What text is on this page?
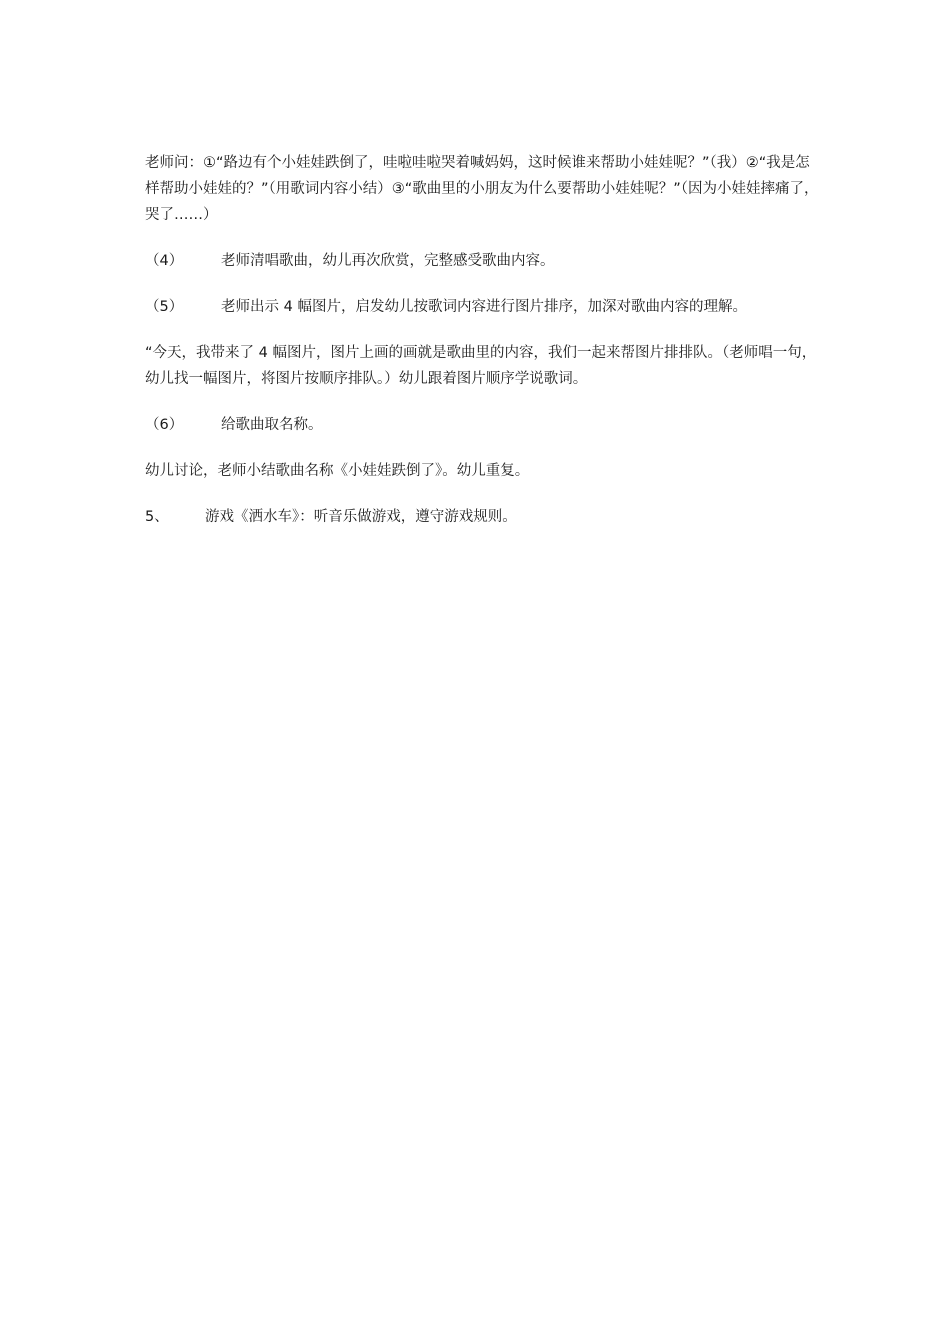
老师问：①“路边有个小娃娃跌倒了，哇啦哇啦哭着喊妈妈，这时候谁来帮助小娃娃呢？”（我）②“我是怎样帮助小娃娃的？”（用歌词内容小结）③“歌曲里的小朋友为什么要帮助小娃娃呢？”（因为小娃娃摔痛了，哭了……）

（4）	老师清唱歌曲，幼儿再次欣赏，完整感受歌曲内容。

（5）	老师出示 4 幅图片，启发幼儿按歌词内容进行图片排序，加深对歌曲内容的理解。

“今天，我带来了 4 幅图片，图片上画的画就是歌曲里的内容，我们一起来帮图片排排队。（老师唱一句，幼儿找一幅图片，将图片按顺序排队。）幼儿跟着图片顺序学说歌词。

（6）	给歌曲取名称。

幼儿讨论，老师小结歌曲名称《小娃娃跌倒了》。幼儿重复。

5、	游戏《洒水车》：听音乐做游戏，遵守游戏规则。
